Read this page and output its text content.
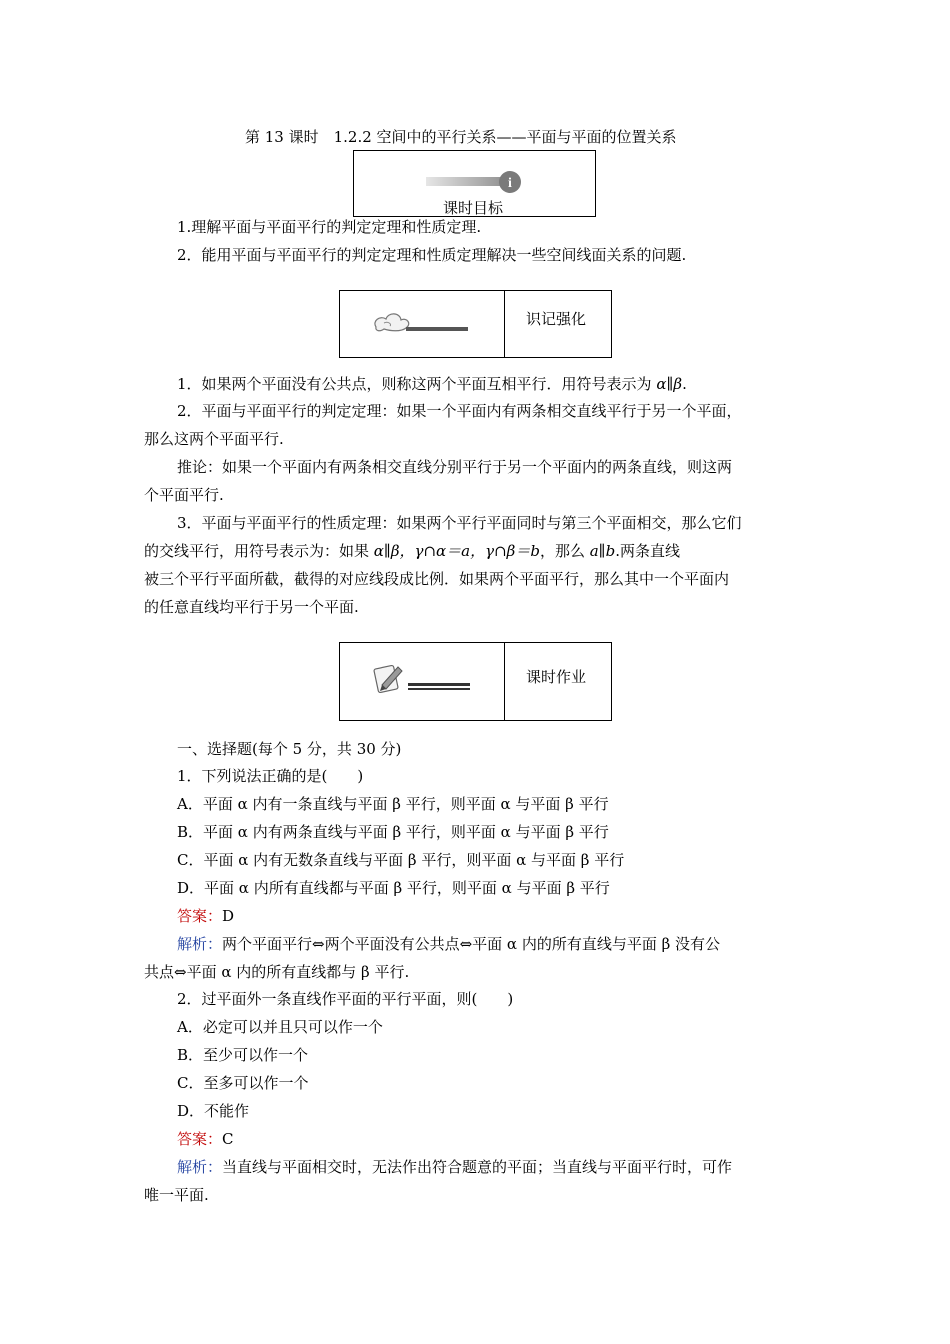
第 13 课时　1.2.2 空间中的平行关系——平面与平面的位置关系
i
课时目标
1.理解平面与平面平行的判定定理和性质定理.
2．能用平面与平面平行的判定定理和性质定理解决一些空间线面关系的问题.
识记强化
1．如果两个平面没有公共点，则称这两个平面互相平行．用符号表示为 α∥β.
2．平面与平面平行的判定定理：如果一个平面内有两条相交直线平行于另一个平面，
那么这两个平面平行.
推论：如果一个平面内有两条相交直线分别平行于另一个平面内的两条直线，则这两
个平面平行.
3．平面与平面平行的性质定理：如果两个平行平面同时与第三个平面相交，那么它们
的交线平行，用符号表示为：如果 α∥β，γ∩α＝a，γ∩β＝b，那么 a∥b.两条直线
被三个平行平面所截，截得的对应线段成比例．如果两个平面平行，那么其中一个平面内
的任意直线均平行于另一个平面.
课时作业
一、选择题(每个 5 分，共 30 分)
1．下列说法正确的是(　　)
A．平面 α 内有一条直线与平面 β 平行，则平面 α 与平面 β 平行
B．平面 α 内有两条直线与平面 β 平行，则平面 α 与平面 β 平行
C．平面 α 内有无数条直线与平面 β 平行，则平面 α 与平面 β 平行
D．平面 α 内所有直线都与平面 β 平行，则平面 α 与平面 β 平行
答案：D
解析：两个平面平行⇔两个平面没有公共点⇔平面 α 内的所有直线与平面 β 没有公
共点⇔平面 α 内的所有直线都与 β 平行.
2．过平面外一条直线作平面的平行平面，则(　　)
A．必定可以并且只可以作一个
B．至少可以作一个
C．至多可以作一个
D．不能作
答案：C
解析：当直线与平面相交时，无法作出符合题意的平面；当直线与平面平行时，可作
唯一平面.
